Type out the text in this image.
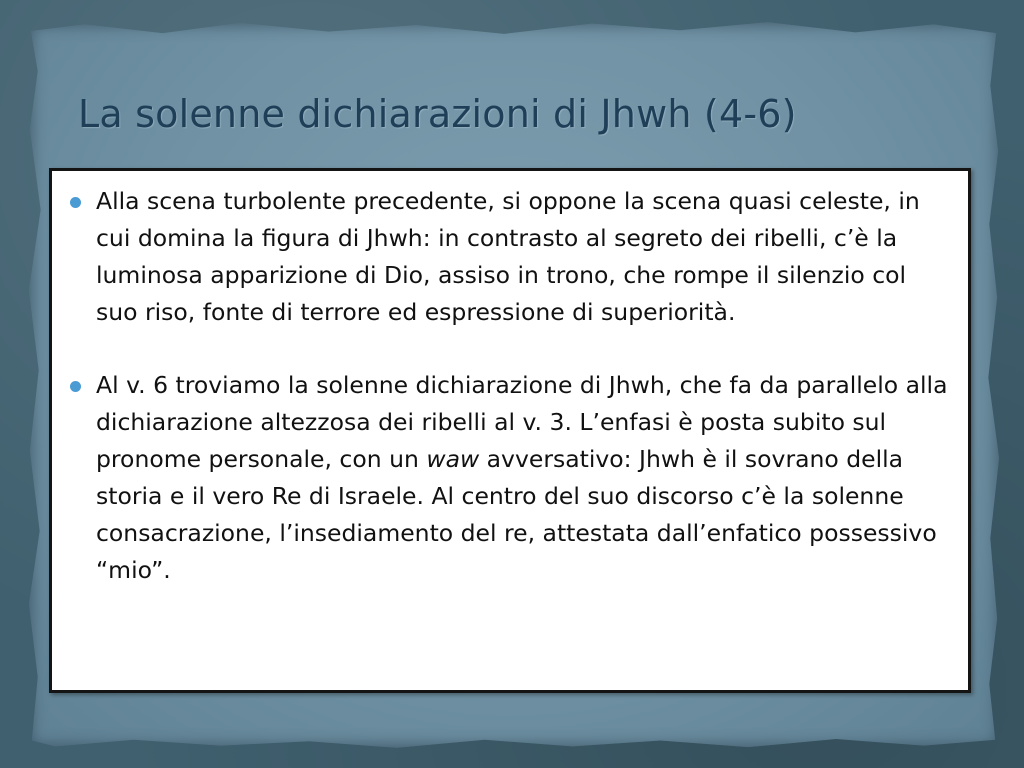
La solenne dichiarazioni di Jhwh (4-6)
Alla scena turbolente precedente, si oppone la scena quasi celeste, in cui domina la figura di Jhwh: in contrasto al segreto dei ribelli, c’è la luminosa apparizione di Dio, assiso in trono, che rompe il silenzio col suo riso, fonte di terrore ed espressione di superiorità.
Al v. 6 troviamo la solenne dichiarazione di Jhwh, che fa da parallelo alla dichiarazione altezzosa dei ribelli al v. 3. L’enfasi è posta subito sul pronome personale, con un waw avversativo: Jhwh è il sovrano della storia e il vero Re di Israele. Al centro del suo discorso c’è la solenne consacrazione, l’insediamento del re, attestata dall’enfatico possessivo “mio”.
